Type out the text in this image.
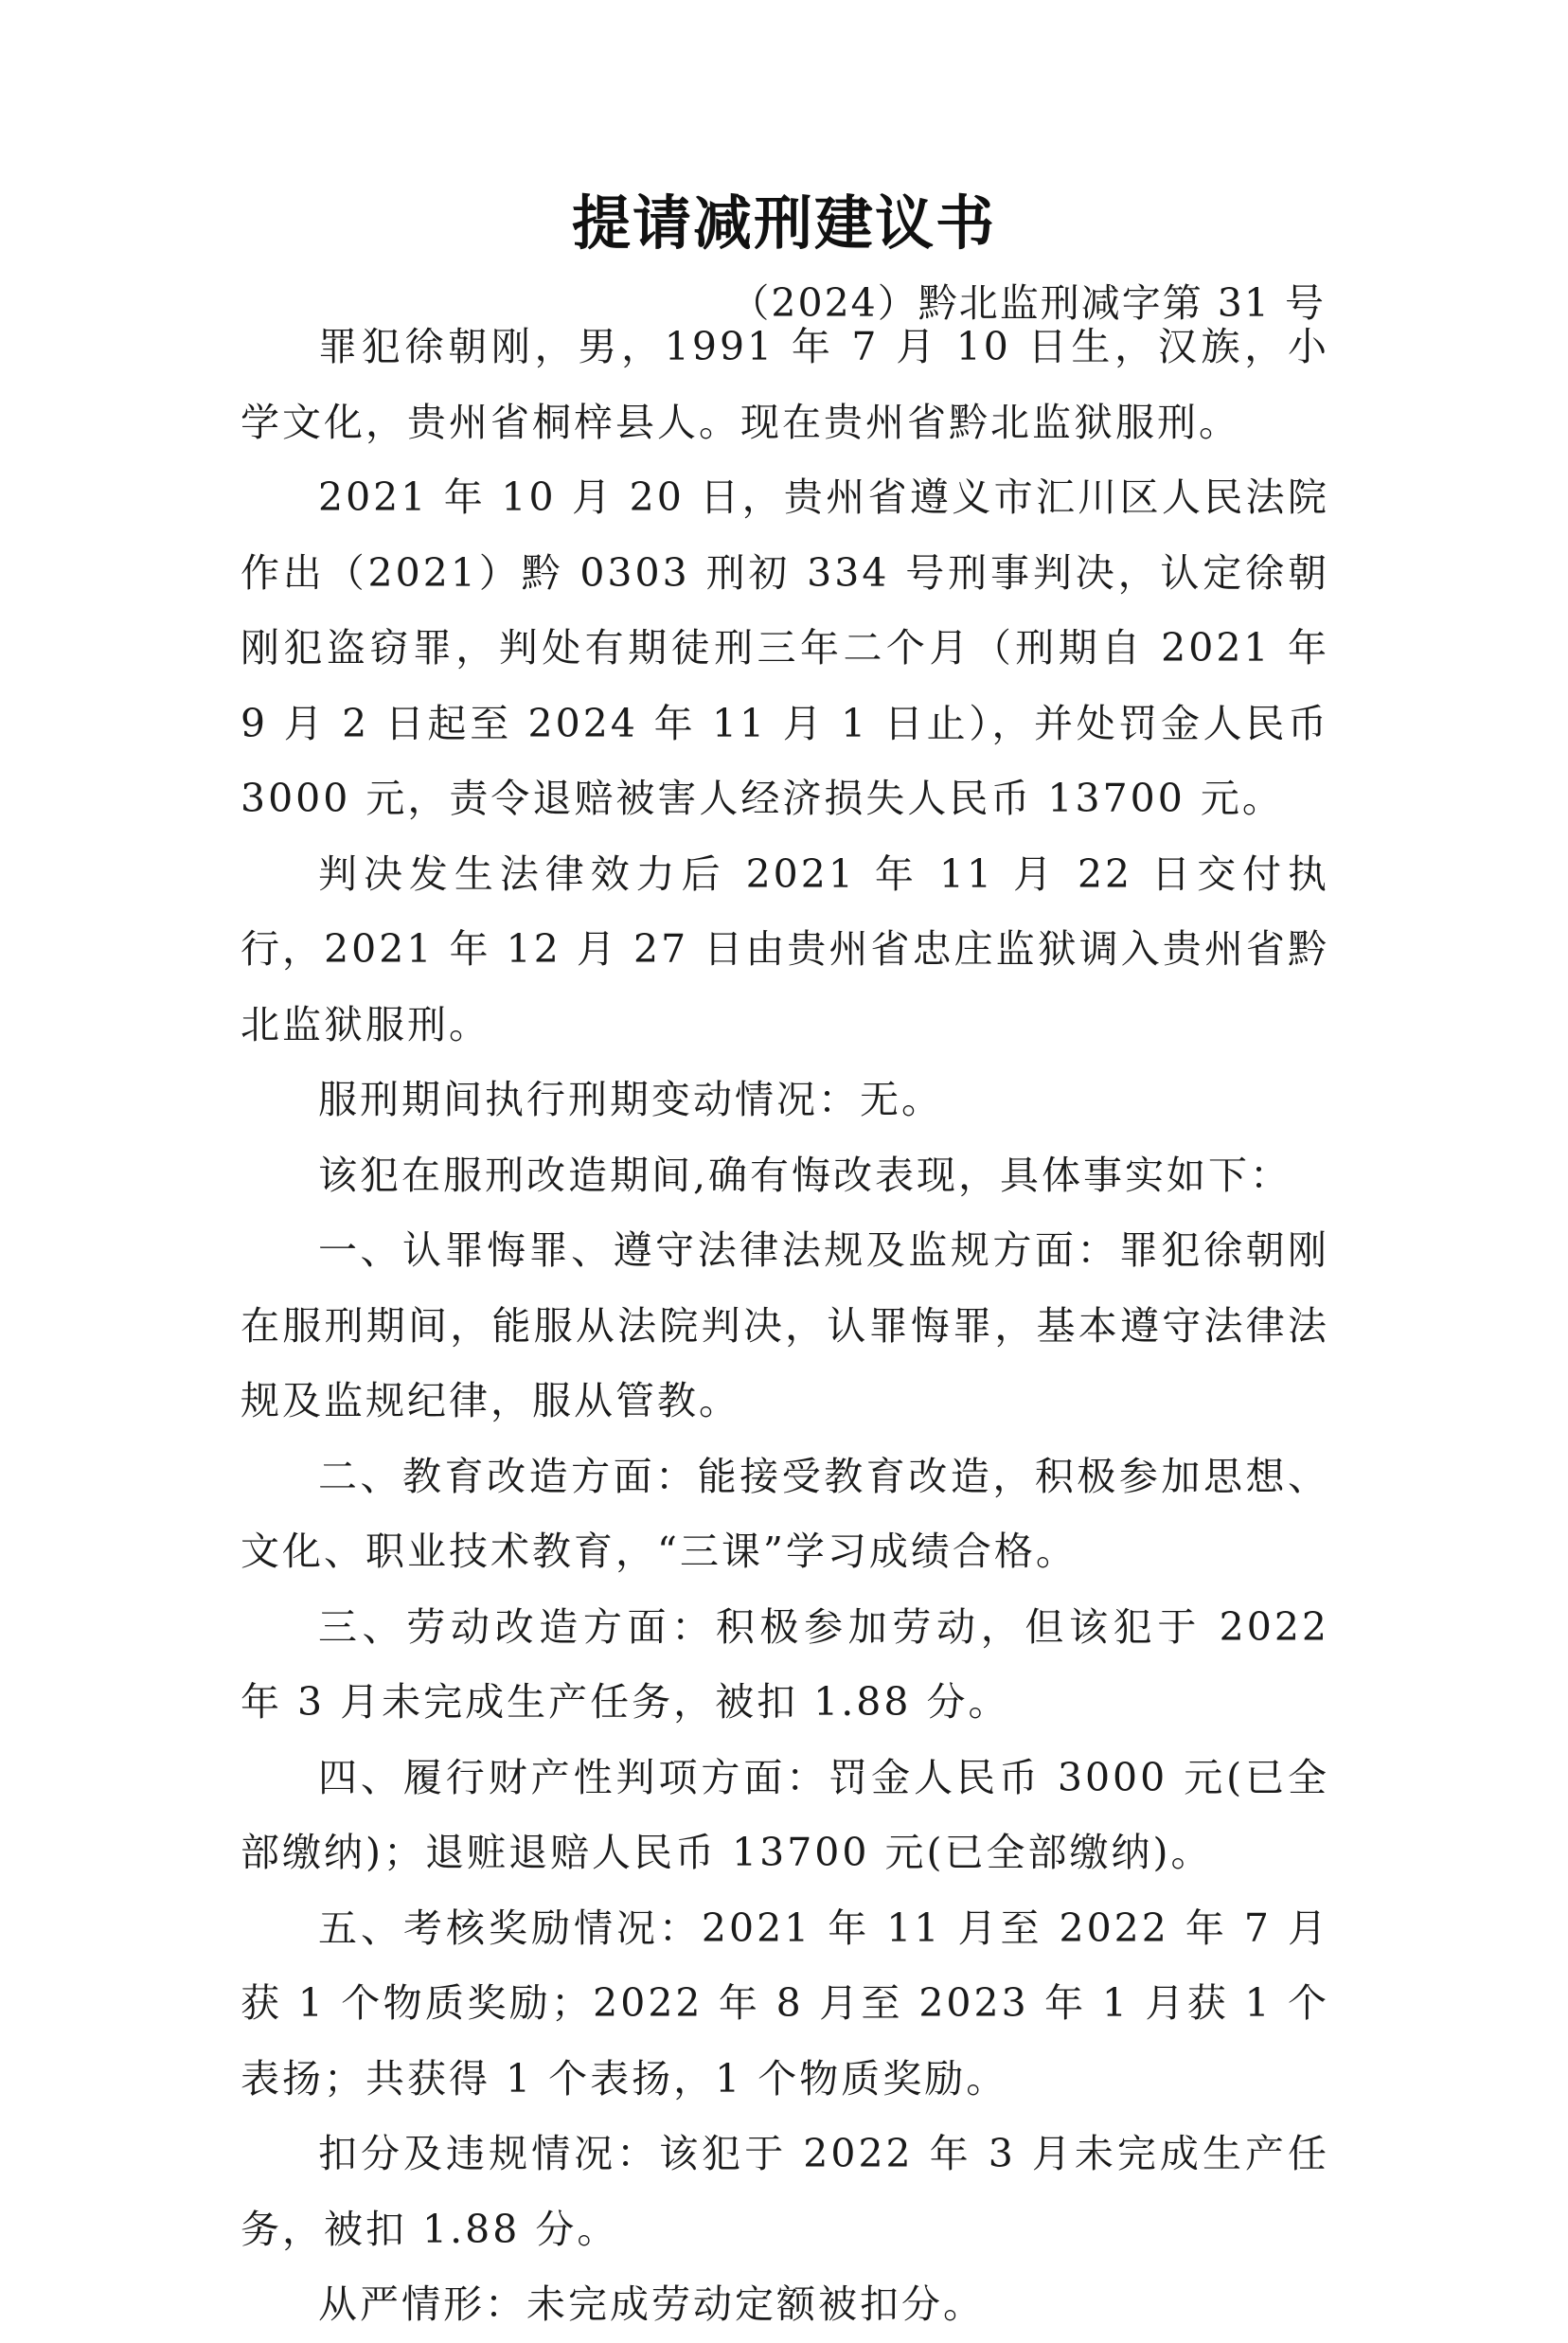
提请减刑建议书
（2024）黔北监刑减字第 31 号

罪犯徐朝刚，男，1991 年 7 月 10 日生，汉族，小学文化，贵州省桐梓县人。现在贵州省黔北监狱服刑。

2021 年 10 月 20 日，贵州省遵义市汇川区人民法院作出（2021）黔 0303 刑初 334 号刑事判决，认定徐朝刚犯盗窃罪，判处有期徒刑三年二个月（刑期自 2021 年 9 月 2 日起至 2024 年 11 月 1 日止），并处罚金人民币 3000 元，责令退赔被害人经济损失人民币 13700 元。

判决发生法律效力后 2021 年 11 月 22 日交付执行，2021 年 12 月 27 日由贵州省忠庄监狱调入贵州省黔北监狱服刑。

服刑期间执行刑期变动情况：无。

该犯在服刑改造期间,确有悔改表现，具体事实如下：

一、认罪悔罪、遵守法律法规及监规方面：罪犯徐朝刚在服刑期间，能服从法院判决，认罪悔罪，基本遵守法律法规及监规纪律，服从管教。

二、教育改造方面：能接受教育改造，积极参加思想、文化、职业技术教育，“三课”学习成绩合格。

三、劳动改造方面：积极参加劳动，但该犯于 2022 年 3 月未完成生产任务，被扣 1.88 分。

四、履行财产性判项方面：罚金人民币 3000 元(已全部缴纳)；退赃退赔人民币 13700 元(已全部缴纳)。

五、考核奖励情况：2021 年 11 月至 2022 年 7 月获 1 个物质奖励；2022 年 8 月至 2023 年 1 月获 1 个表扬；共获得 1 个表扬，1 个物质奖励。

扣分及违规情况：该犯于 2022 年 3 月未完成生产任务，被扣 1.88 分。

从严情形：未完成劳动定额被扣分。
